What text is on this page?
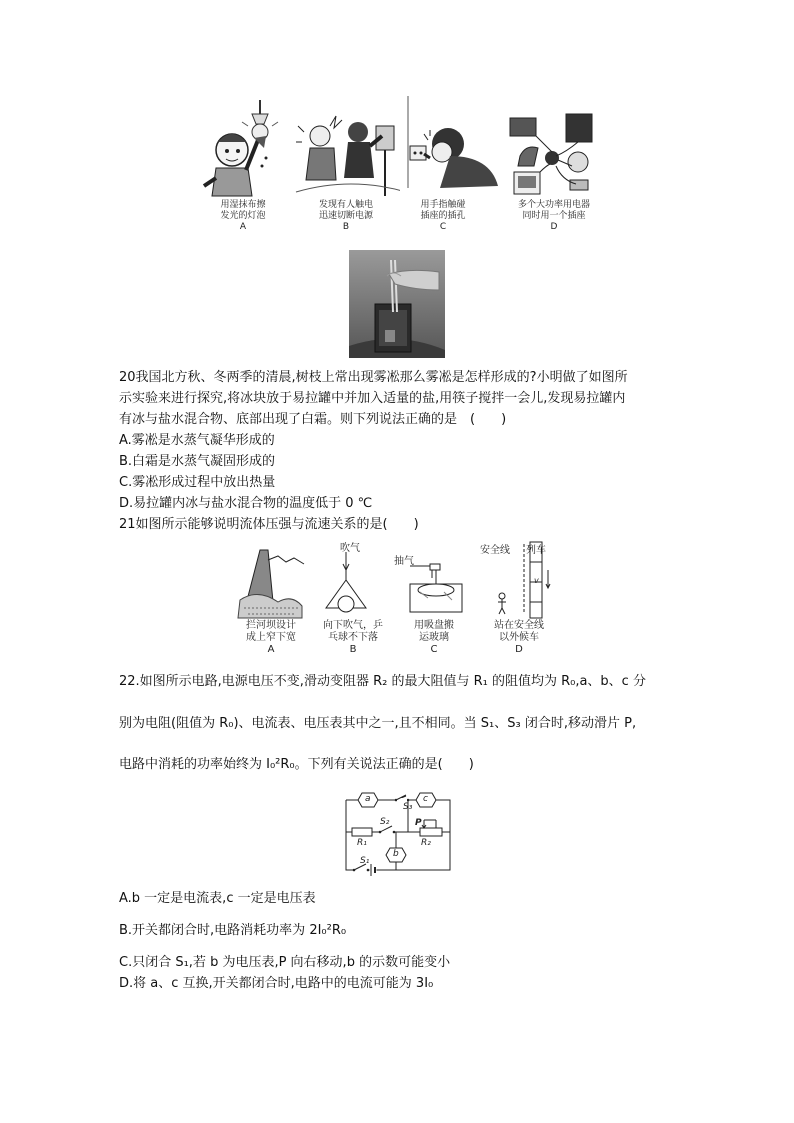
用湿抹布擦
发光的灯泡
A
发现有人触电
迅速切断电源
B
用手指触碰
插座的插孔
C
多个大功率用电器
同时用一个插座
D
20我国北方秋、冬两季的清晨,树枝上常出现雾凇那么雾凇是怎样形成的?小明做了如图所
示实验来进行探究,将冰块放于易拉罐中并加入适量的盐,用筷子搅拌一会儿,发现易拉罐内
有冰与盐水混合物、底部出现了白霜。则下列说法正确的是　(　　)
A.雾凇是水蒸气凝华形成的
B.白霜是水蒸气凝固形成的
C.雾凇形成过程中放出热量
D.易拉罐内冰与盐水混合物的温度低于 0 ℃
21如图所示能够说明流体压强与流速关系的是(　　)
吹气
抽气
安全线 列车
v
拦河坝设计
成上窄下宽
A
向下吹气，乒
乓球不下落
B
用吸盘搬
运玻璃
C
站在安全线
以外候车
D
22.如图所示电路,电源电压不变,滑动变阻器 R₂ 的最大阻值与 R₁ 的阻值均为 R₀,a、b、c 分
别为电阻(阻值为 R₀)、电流表、电压表其中之一,且不相同。当 S₁、S₃ 闭合时,移动滑片 P,
电路中消耗的功率始终为 I₀²R₀。下列有关说法正确的是(　　)
a	c
b
S₃
S₂	P
R₁	R₂
S₁
A.b 一定是电流表,c 一定是电压表
B.开关都闭合时,电路消耗功率为 2I₀²R₀
C.只闭合 S₁,若 b 为电压表,P 向右移动,b 的示数可能变小
D.将 a、c 互换,开关都闭合时,电路中的电流可能为 3I₀
